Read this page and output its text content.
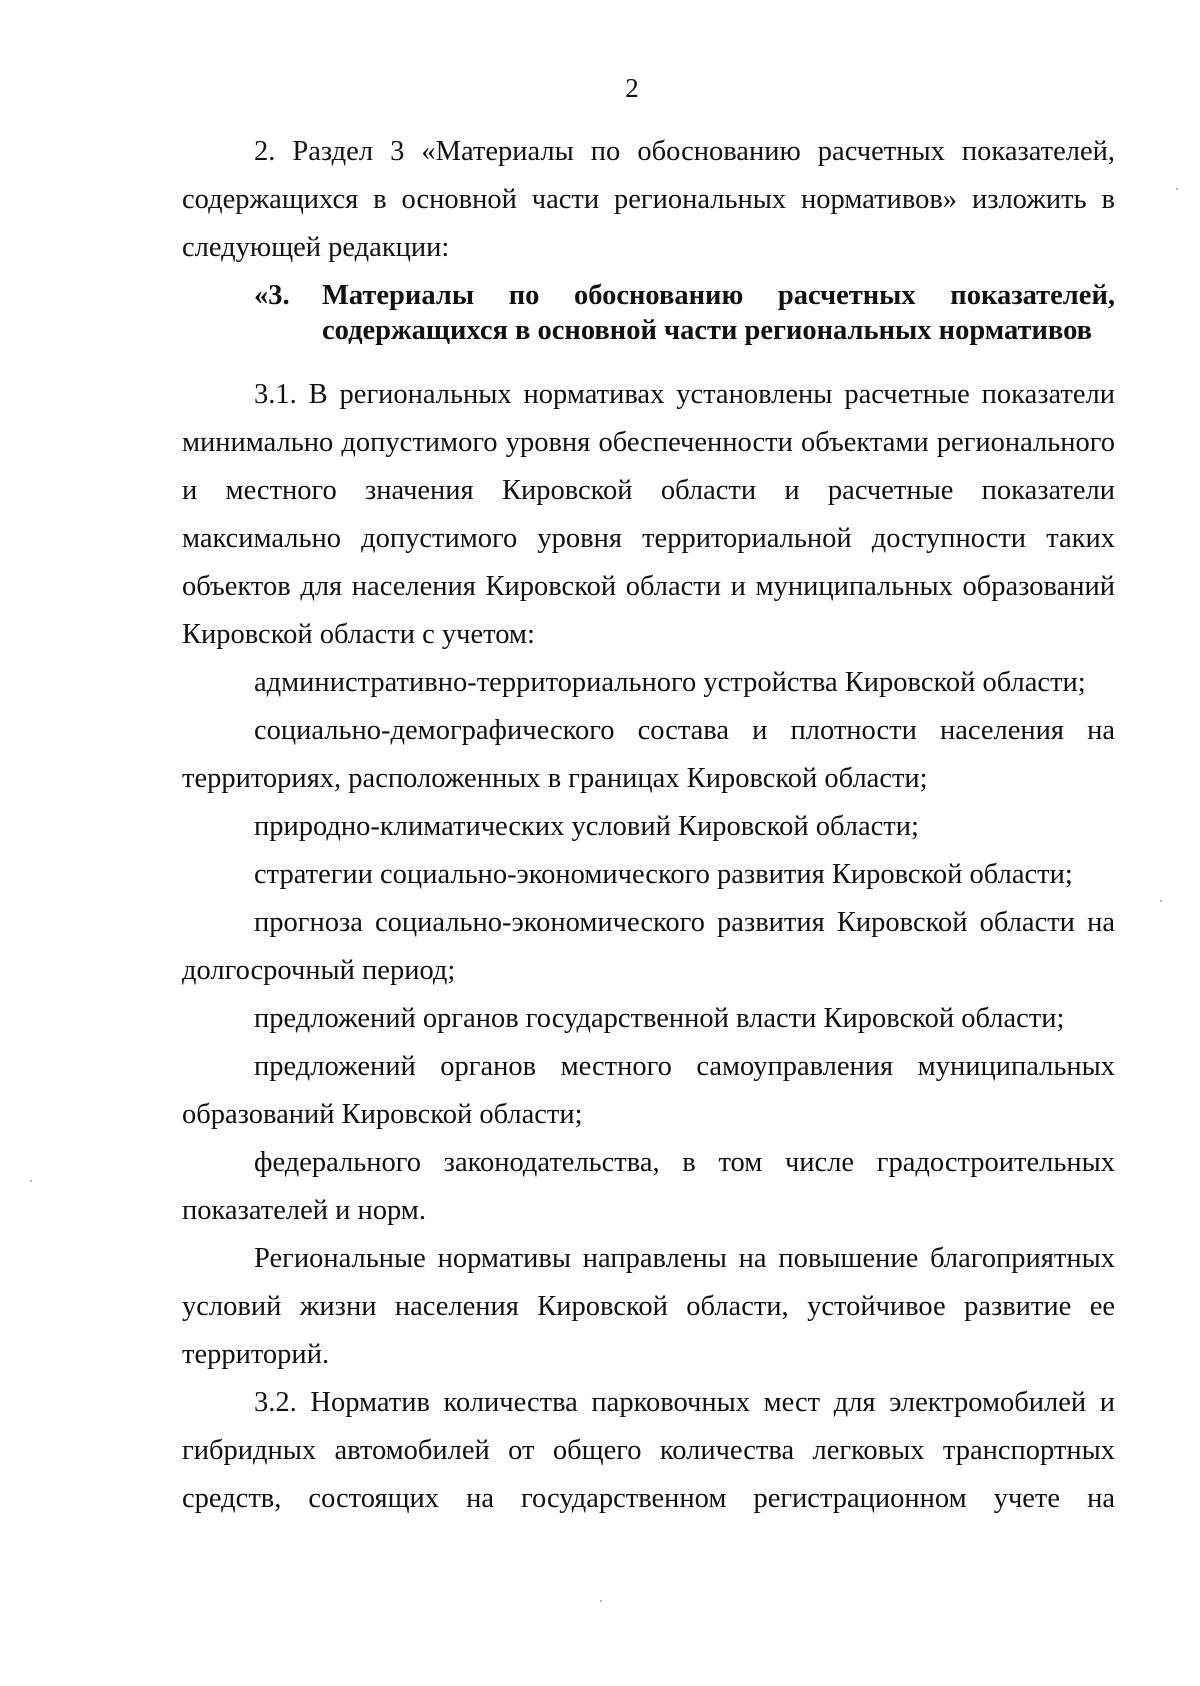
2

2. Раздел 3 «Материалы по обоснованию расчетных показателей, содержащихся в основной части региональных нормативов» изложить в следующей редакции:

«3.	Материалы по обоснованию расчетных показателей,
содержащихся в основной части региональных нормативов

3.1. В региональных нормативах установлены расчетные показатели минимально допустимого уровня обеспеченности объектами регионального и местного значения Кировской области и расчетные показатели максимально допустимого уровня территориальной доступности таких объектов для населения Кировской области и муниципальных образований Кировской области с учетом:

административно-территориального устройства Кировской области;

социально-демографического состава и плотности населения на территориях, расположенных в границах Кировской области;

природно-климатических условий Кировской области;

стратегии социально-экономического развития Кировской области;

прогноза социально-экономического развития Кировской области на долгосрочный период;

предложений органов государственной власти Кировской области;

предложений органов местного самоуправления муниципальных образований Кировской области;

федерального законодательства, в том числе градостроительных показателей и норм.

Региональные нормативы направлены на повышение благоприятных условий жизни населения Кировской области, устойчивое развитие ее территорий.

3.2. Норматив количества парковочных мест для электромобилей и гибридных автомобилей от общего количества легковых транспортных средств, состоящих на государственном регистрационном учете на
